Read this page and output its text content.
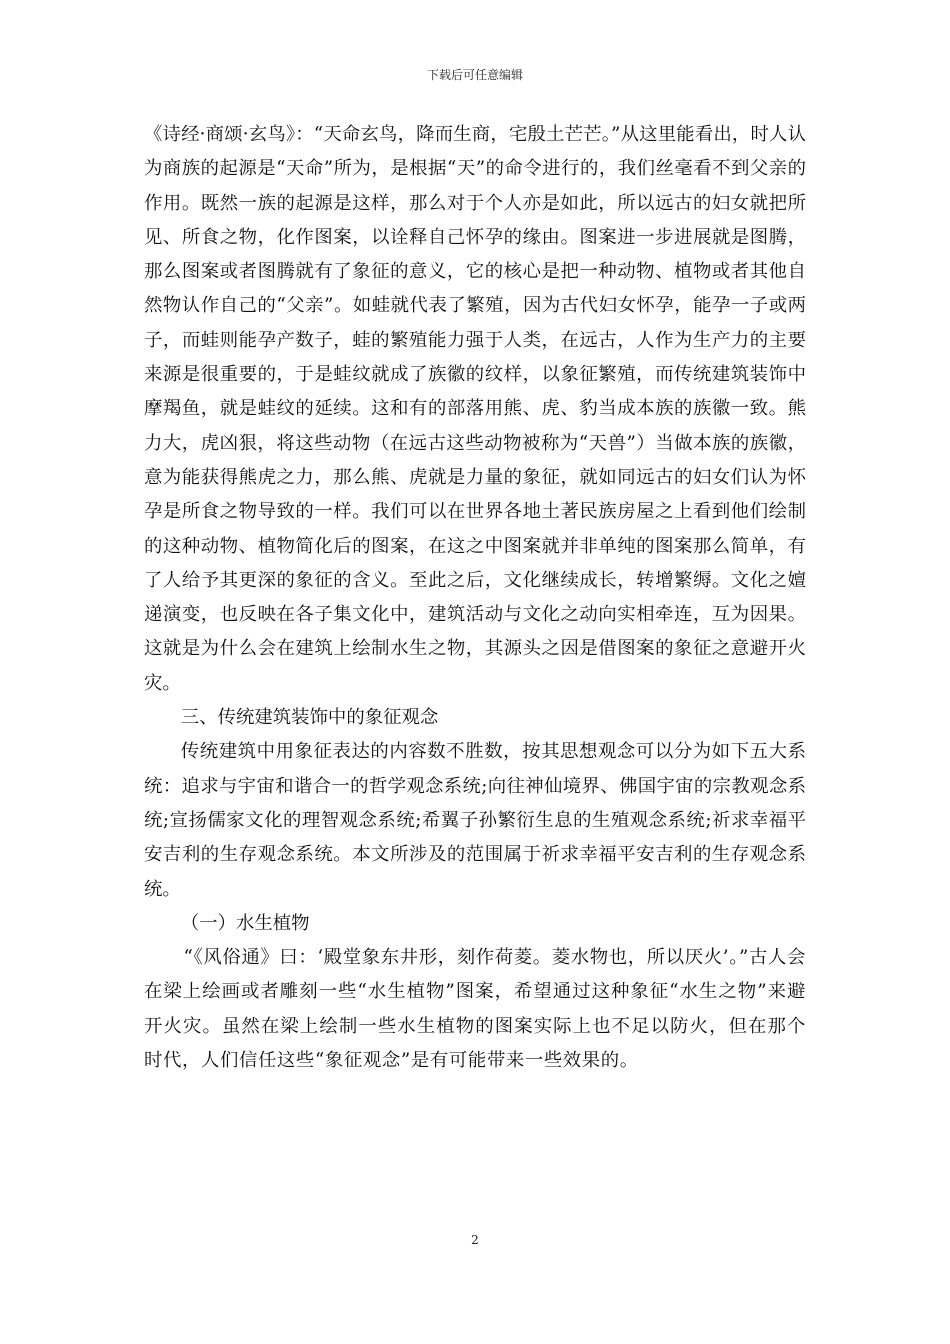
下载后可任意编辑

《诗经·商颂·玄鸟》：“天命玄鸟，降而生商，宅殷土芒芒。”从这里能看出，时人认为商族的起源是“天命”所为，是根据“天”的命令进行的，我们丝毫看不到父亲的作用。既然一族的起源是这样，那么对于个人亦是如此，所以远古的妇女就把所见、所食之物，化作图案，以诠释自己怀孕的缘由。图案进一步进展就是图腾，那么图案或者图腾就有了象征的意义，它的核心是把一种动物、植物或者其他自然物认作自己的“父亲”。如蛙就代表了繁殖，因为古代妇女怀孕，能孕一子或两子，而蛙则能孕产数子，蛙的繁殖能力强于人类，在远古，人作为生产力的主要来源是很重要的，于是蛙纹就成了族徽的纹样，以象征繁殖，而传统建筑装饰中摩羯鱼，就是蛙纹的延续。这和有的部落用熊、虎、豹当成本族的族徽一致。熊力大，虎凶狠，将这些动物（在远古这些动物被称为“天兽”）当做本族的族徽，意为能获得熊虎之力，那么熊、虎就是力量的象征，就如同远古的妇女们认为怀孕是所食之物导致的一样。我们可以在世界各地土著民族房屋之上看到他们绘制的这种动物、植物简化后的图案，在这之中图案就并非单纯的图案那么简单，有了人给予其更深的象征的含义。至此之后，文化继续成长，转增繁缛。文化之嬗递演变，也反映在各子集文化中，建筑活动与文化之动向实相牵连，互为因果。这就是为什么会在建筑上绘制水生之物，其源头之因是借图案的象征之意避开火灾。

三、传统建筑装饰中的象征观念

传统建筑中用象征表达的内容数不胜数，按其思想观念可以分为如下五大系统：追求与宇宙和谐合一的哲学观念系统;向往神仙境界、佛国宇宙的宗教观念系统;宣扬儒家文化的理智观念系统;希翼子孙繁衍生息的生殖观念系统;祈求幸福平安吉利的生存观念系统。本文所涉及的范围属于祈求幸福平安吉利的生存观念系统。

（一）水生植物

“《风俗通》曰：‘殿堂象东井形，刻作荷菱。菱水物也，所以厌火’。”古人会在梁上绘画或者雕刻一些“水生植物”图案，希望通过这种象征“水生之物”来避开火灾。虽然在梁上绘制一些水生植物的图案实际上也不足以防火，但在那个时代，人们信任这些“象征观念”是有可能带来一些效果的。

2
